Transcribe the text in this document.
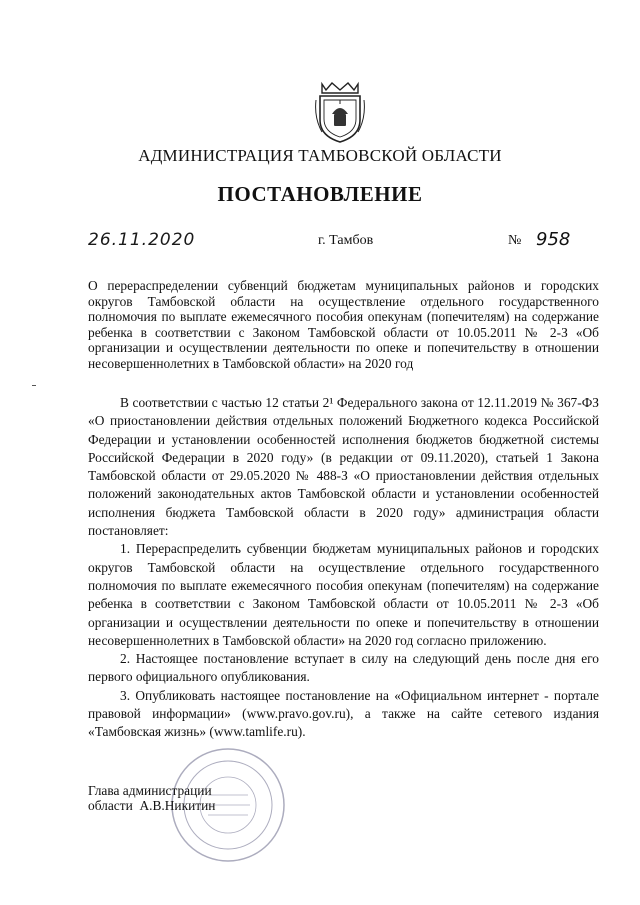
АДМИНИСТРАЦИЯ ТАМБОВСКОЙ ОБЛАСТИ
ПОСТАНОВЛЕНИЕ
26.11.2020	г. Тамбов	№ 958
О перераспределении субвенций бюджетам муниципальных районов и городских округов Тамбовской области на осуществление отдельного государственного полномочия по выплате ежемесячного пособия опекунам (попечителям) на содержание ребенка в соответствии с Законом Тамбовской области от 10.05.2011 № 2-З «Об организации и осуществлении деятельности по опеке и попечительству в отношении несовершеннолетних в Тамбовской области» на 2020 год

В соответствии с частью 12 статьи 2¹ Федерального закона от 12.11.2019 № 367-ФЗ «О приостановлении действия отдельных положений Бюджетного кодекса Российской Федерации и установлении особенностей исполнения бюджетов бюджетной системы Российской Федерации в 2020 году» (в редакции от 09.11.2020), статьей 1 Закона Тамбовской области от 29.05.2020 № 488-З «О приостановлении действия отдельных положений законодательных актов Тамбовской области и установлении особенностей исполнения бюджета Тамбовской области в 2020 году» администрация области постановляет:

1. Перераспределить субвенции бюджетам муниципальных районов и городских округов Тамбовской области на осуществление отдельного государственного полномочия по выплате ежемесячного пособия опекунам (попечителям) на содержание ребенка в соответствии с Законом Тамбовской области от 10.05.2011 № 2-З «Об организации и осуществлении деятельности по опеке и попечительству в отношении несовершеннолетних в Тамбовской области» на 2020 год согласно приложению.

2. Настоящее постановление вступает в силу на следующий день после дня его первого официального опубликования.

3. Опубликовать настоящее постановление на «Официальном интернет - портале правовой информации» (www.pravo.gov.ru), а также на сайте сетевого издания «Тамбовская жизнь» (www.tamlife.ru).

Глава администрации
области А.В.Никитин
